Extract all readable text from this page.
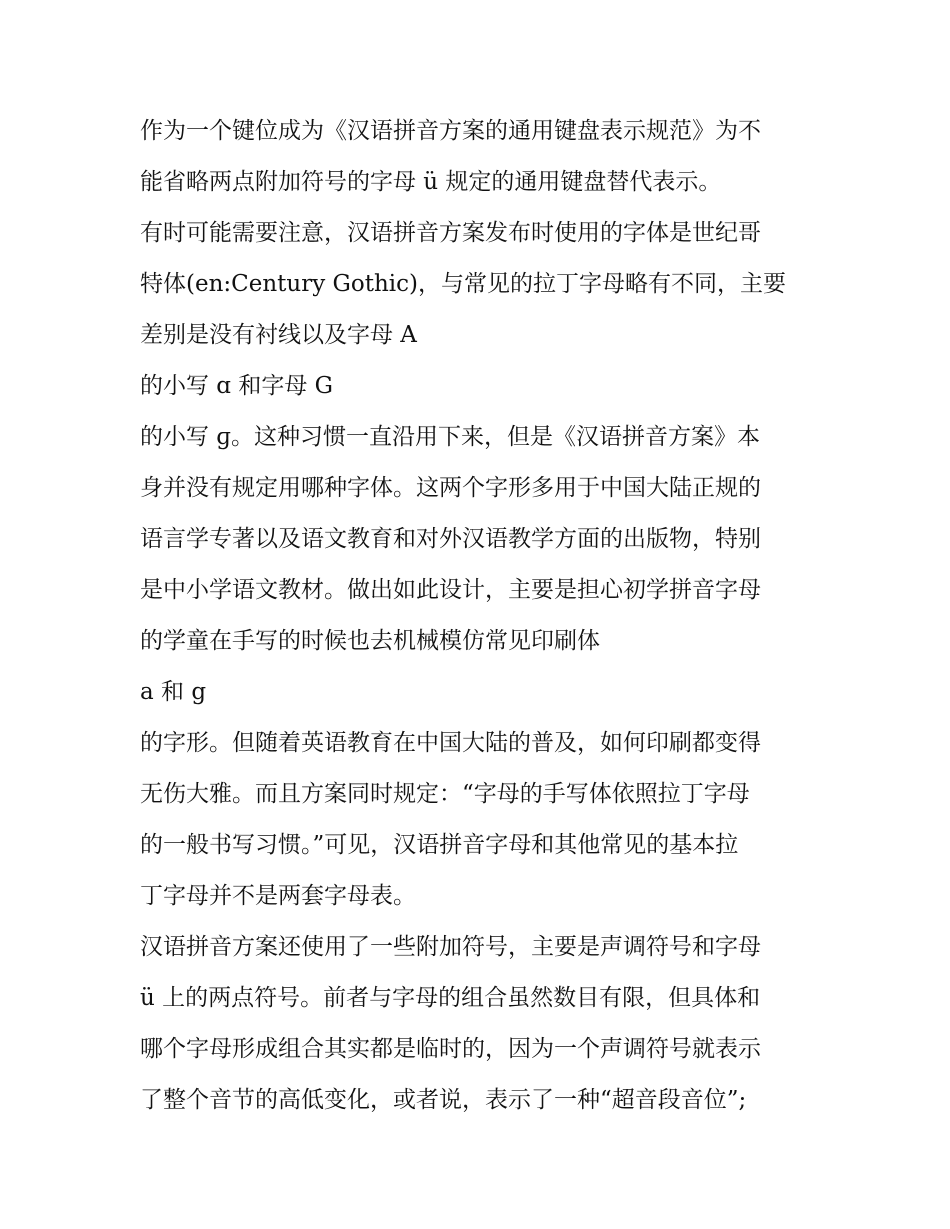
作为一个键位成为《汉语拼音方案的通用键盘表示规范》为不
能省略两点附加符号的字母 ü 规定的通用键盘替代表示。
有时可能需要注意，汉语拼音方案发布时使用的字体是世纪哥
特体(en:Century Gothic)，与常见的拉丁字母略有不同，主要
差别是没有衬线以及字母 A
的小写 ɑ 和字母 G
的小写 ɡ。这种习惯一直沿用下来，但是《汉语拼音方案》本
身并没有规定用哪种字体。这两个字形多用于中国大陆正规的
语言学专著以及语文教育和对外汉语教学方面的出版物，特别
是中小学语文教材。做出如此设计，主要是担心初学拼音字母
的学童在手写的时候也去机械模仿常见印刷体
a 和 g
的字形。但随着英语教育在中国大陆的普及，如何印刷都变得
无伤大雅。而且方案同时规定：“字母的手写体依照拉丁字母
的一般书写习惯。”可见，汉语拼音字母和其他常见的基本拉
丁字母并不是两套字母表。
汉语拼音方案还使用了一些附加符号，主要是声调符号和字母
ü 上的两点符号。前者与字母的组合虽然数目有限，但具体和
哪个字母形成组合其实都是临时的，因为一个声调符号就表示
了整个音节的高低变化，或者说，表示了一种“超音段音位”;
